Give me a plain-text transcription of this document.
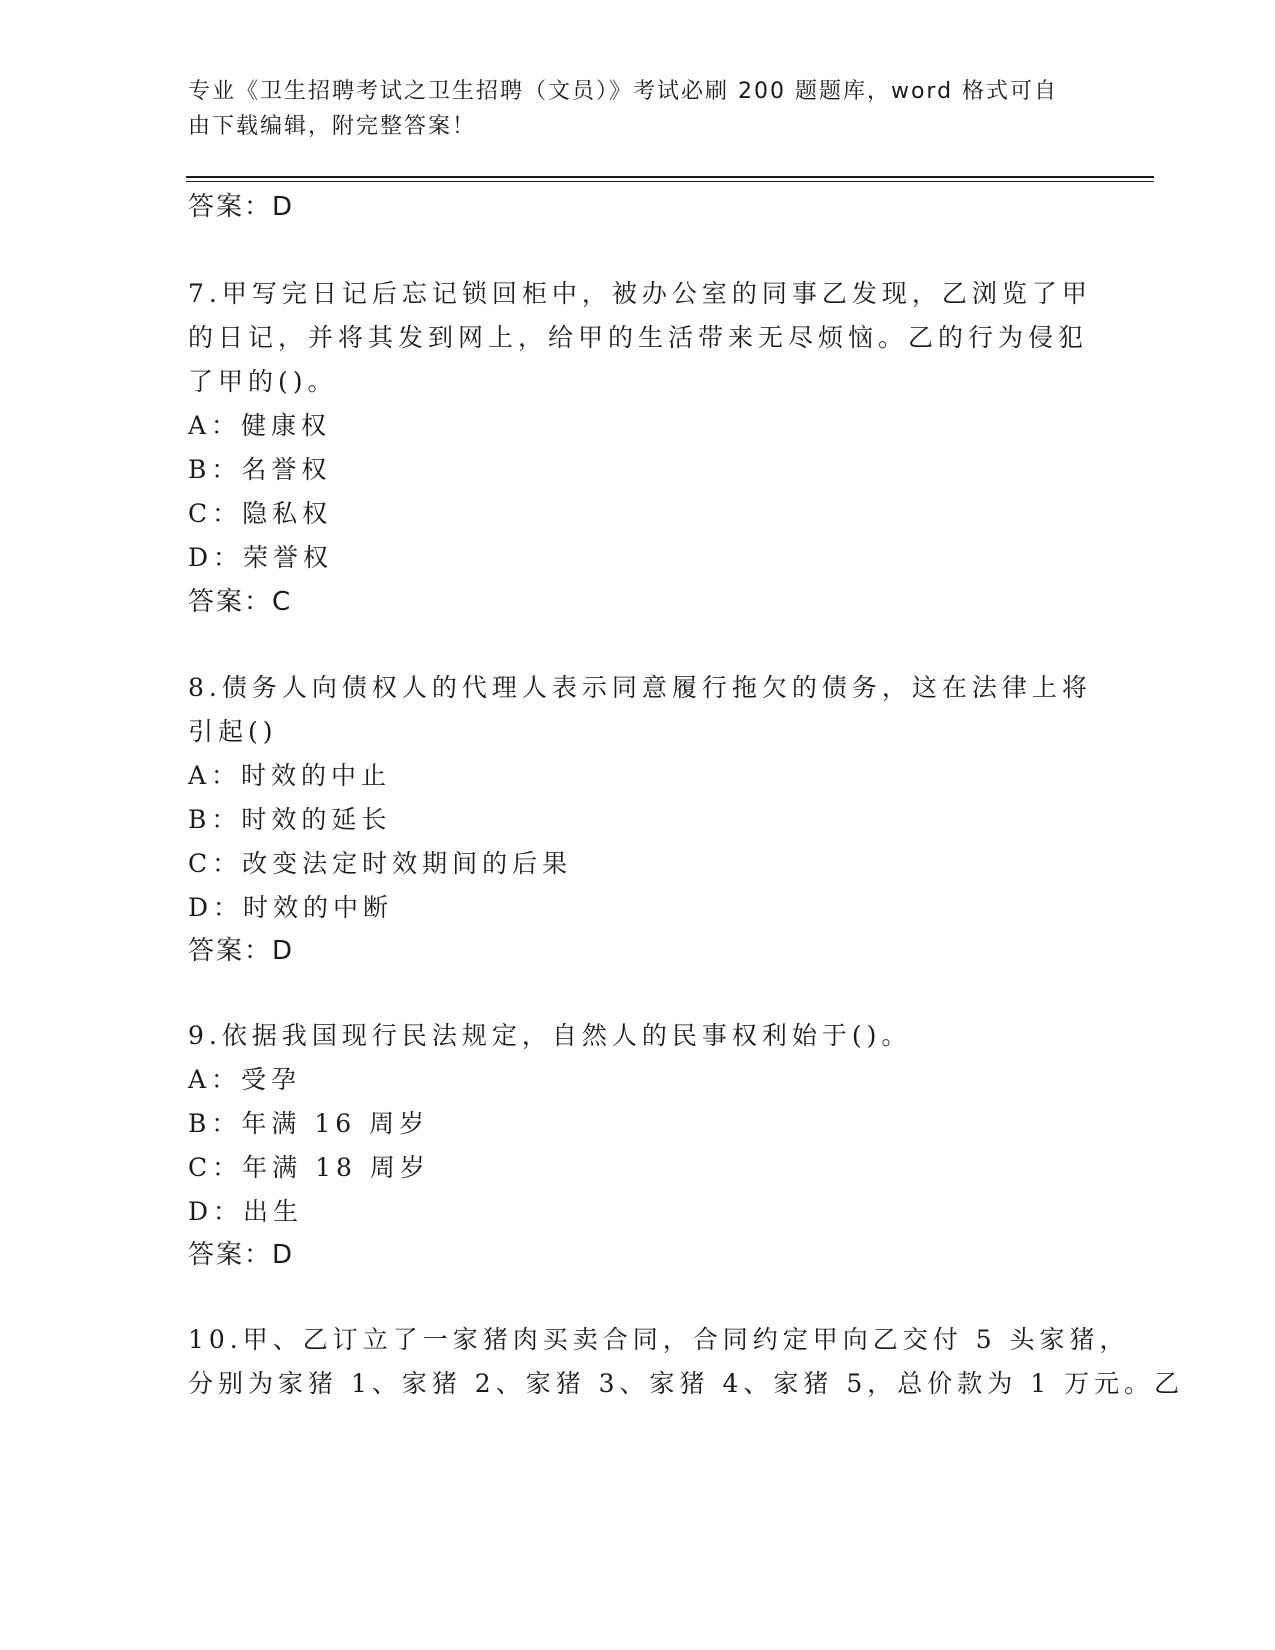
专业《卫生招聘考试之卫生招聘（文员）》考试必刷 200 题题库，word 格式可自
由下载编辑，附完整答案！
答案：D
7.甲写完日记后忘记锁回柜中，被办公室的同事乙发现，乙浏览了甲
的日记，并将其发到网上，给甲的生活带来无尽烦恼。乙的行为侵犯
了甲的()。
A：健康权
B：名誉权
C：隐私权
D：荣誉权
答案：C
8.债务人向债权人的代理人表示同意履行拖欠的债务，这在法律上将
引起()
A：时效的中止
B：时效的延长
C：改变法定时效期间的后果
D：时效的中断
答案：D
9.依据我国现行民法规定，自然人的民事权利始于()。
A：受孕
B：年满 16 周岁
C：年满 18 周岁
D：出生
答案：D
10.甲、乙订立了一家猪肉买卖合同，合同约定甲向乙交付 5 头家猪，
分别为家猪 1、家猪 2、家猪 3、家猪 4、家猪 5，总价款为 1 万元。乙
